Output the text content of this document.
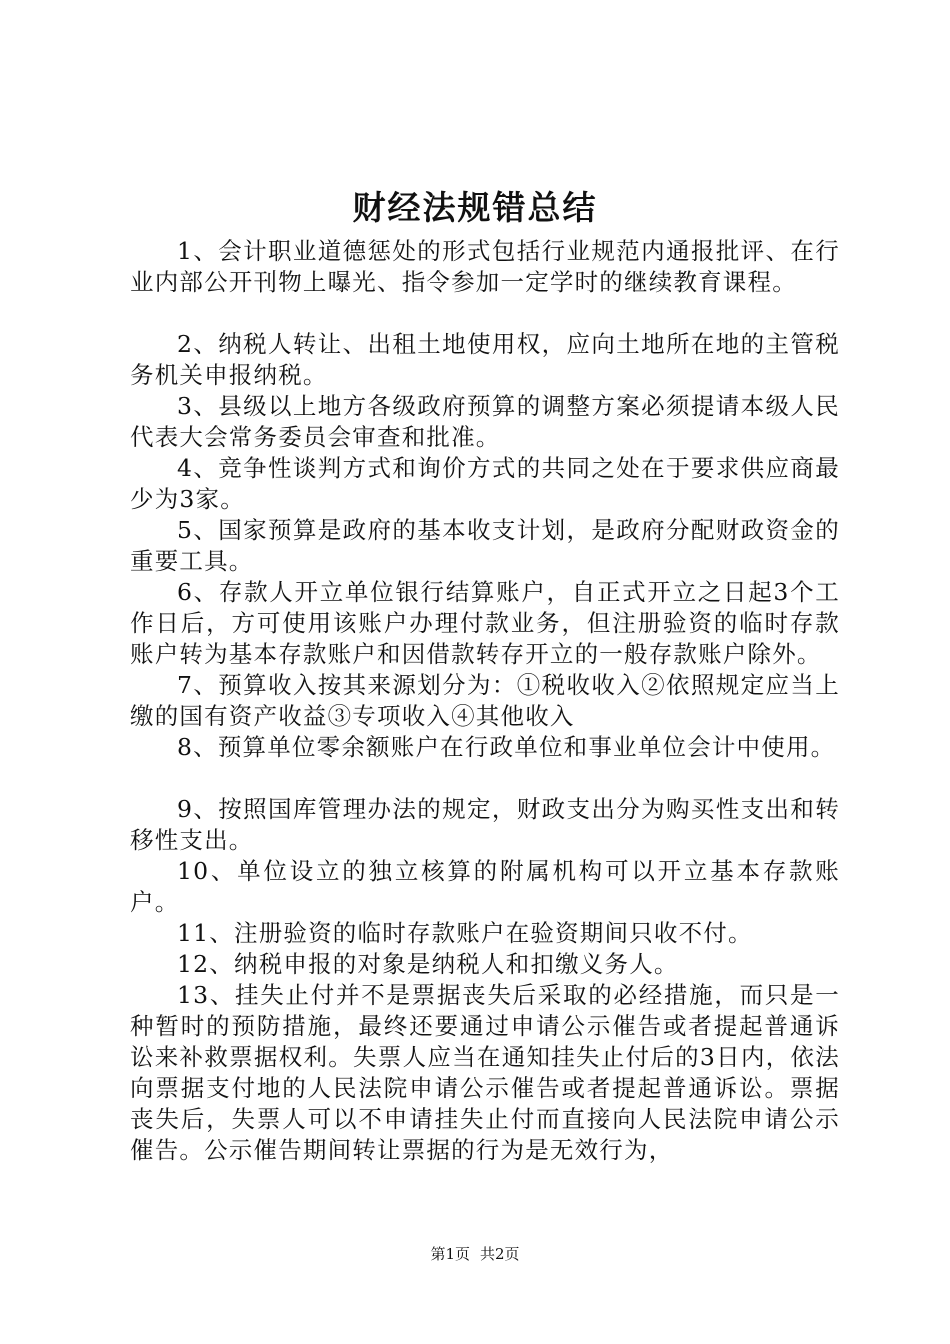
财经法规错总结

1、会计职业道德惩处的形式包括行业规范内通报批评、在行业内部公开刊物上曝光、指令参加一定学时的继续教育课程。

2、纳税人转让、出租土地使用权，应向土地所在地的主管税务机关申报纳税。

3、县级以上地方各级政府预算的调整方案必须提请本级人民代表大会常务委员会审查和批准。

4、竞争性谈判方式和询价方式的共同之处在于要求供应商最少为3家。

5、国家预算是政府的基本收支计划，是政府分配财政资金的重要工具。

6、存款人开立单位银行结算账户，自正式开立之日起3个工作日后，方可使用该账户办理付款业务，但注册验资的临时存款账户转为基本存款账户和因借款转存开立的一般存款账户除外。

7、预算收入按其来源划分为：①税收收入②依照规定应当上缴的国有资产收益③专项收入④其他收入

8、预算单位零余额账户在行政单位和事业单位会计中使用。

9、按照国库管理办法的规定，财政支出分为购买性支出和转移性支出。

10、单位设立的独立核算的附属机构可以开立基本存款账户。

11、注册验资的临时存款账户在验资期间只收不付。

12、纳税申报的对象是纳税人和扣缴义务人。

13、挂失止付并不是票据丧失后采取的必经措施，而只是一种暂时的预防措施，最终还要通过申请公示催告或者提起普通诉讼来补救票据权利。失票人应当在通知挂失止付后的3日内，依法向票据支付地的人民法院申请公示催告或者提起普通诉讼。票据丧失后，失票人可以不申请挂失止付而直接向人民法院申请公示催告。公示催告期间转让票据的行为是无效行为，

第1页 共2页
